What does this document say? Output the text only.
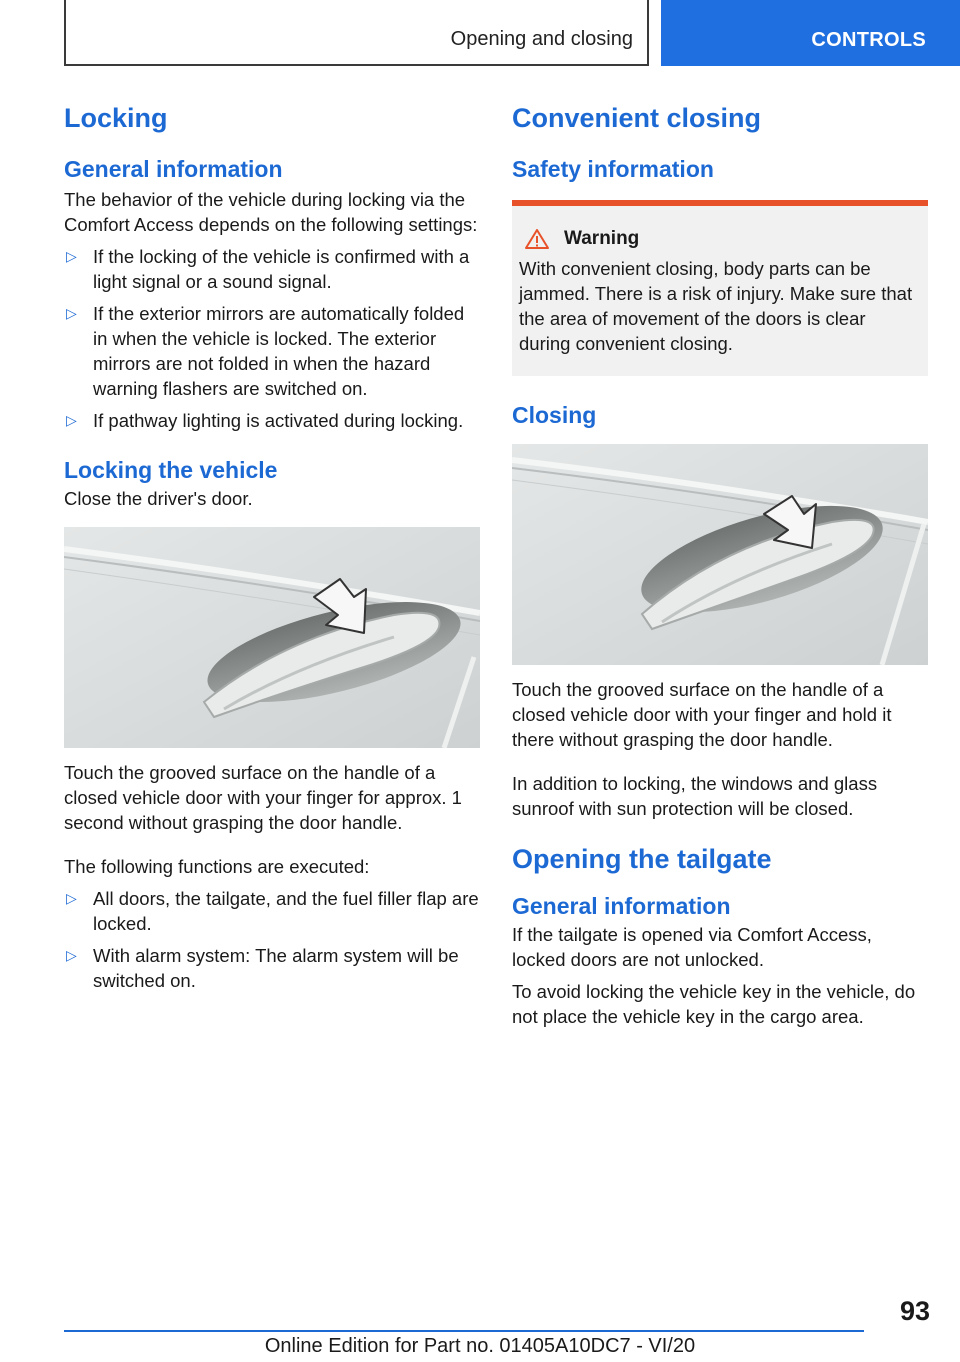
Opening and closing	CONTROLS
Locking
General information
The behavior of the vehicle during locking via the Comfort Access depends on the following settings:
▷ If the locking of the vehicle is confirmed with a light signal or a sound signal.
▷ If the exterior mirrors are automatically folded in when the vehicle is locked. The exterior mirrors are not folded in when the hazard warning flashers are switched on.
▷ If pathway lighting is activated during locking.
Locking the vehicle
Close the driver's door.
Touch the grooved surface on the handle of a closed vehicle door with your finger for approx. 1 second without grasping the door handle.
The following functions are executed:
▷ All doors, the tailgate, and the fuel filler flap are locked.
▷ With alarm system: The alarm system will be switched on.
Convenient closing
Safety information
Warning
With convenient closing, body parts can be jammed. There is a risk of injury. Make sure that the area of movement of the doors is clear during convenient closing.
Closing
Touch the grooved surface on the handle of a closed vehicle door with your finger and hold it there without grasping the door handle.
In addition to locking, the windows and glass sunroof with sun protection will be closed.
Opening the tailgate
General information
If the tailgate is opened via Comfort Access, locked doors are not unlocked.
To avoid locking the vehicle key in the vehicle, do not place the vehicle key in the cargo area.
93
Online Edition for Part no. 01405A10DC7 - VI/20
